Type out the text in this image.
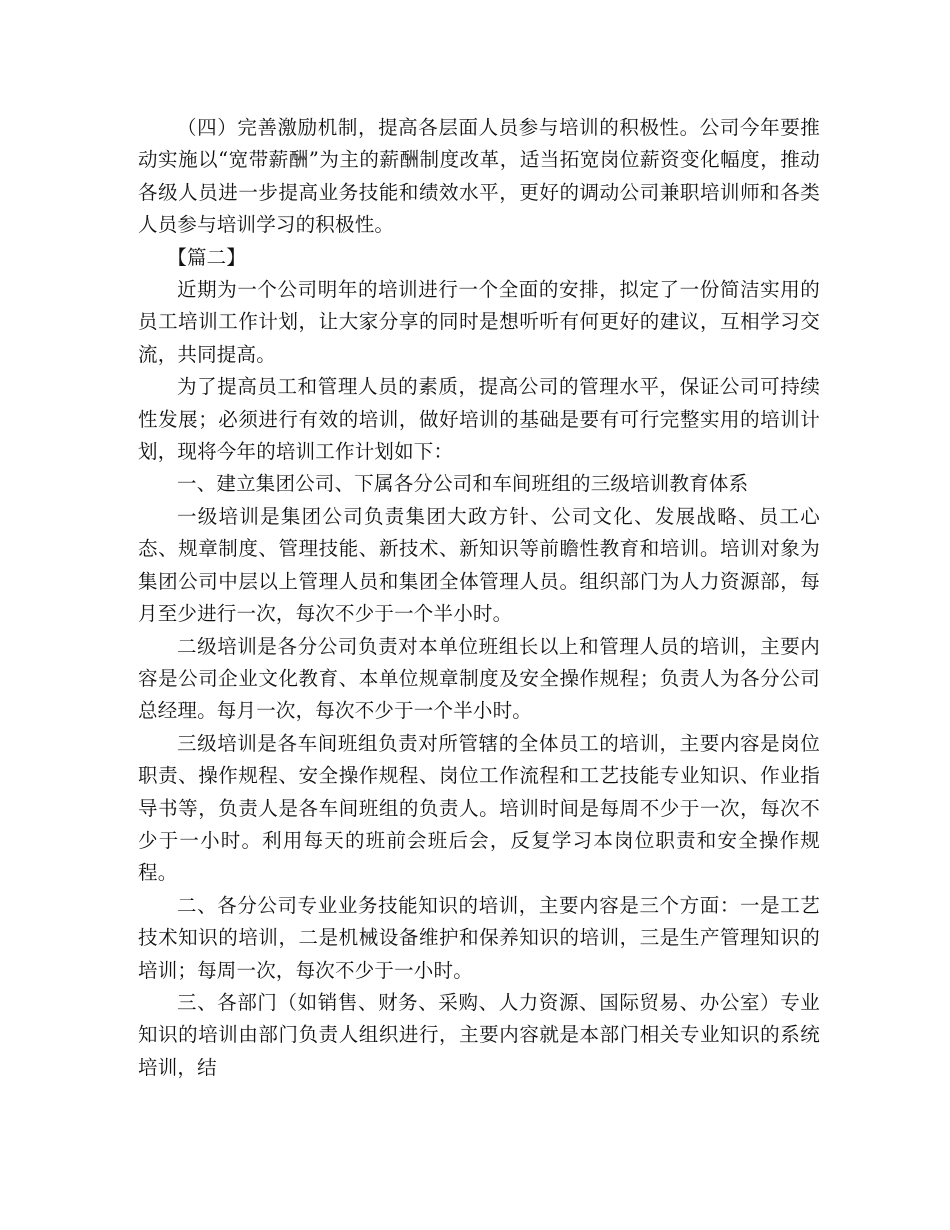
（四）完善激励机制，提高各层面人员参与培训的积极性。公司今年要推动实施以“宽带薪酬”为主的薪酬制度改革，适当拓宽岗位薪资变化幅度，推动各级人员进一步提高业务技能和绩效水平，更好的调动公司兼职培训师和各类人员参与培训学习的积极性。

【篇二】

近期为一个公司明年的培训进行一个全面的安排，拟定了一份简洁实用的员工培训工作计划，让大家分享的同时是想听听有何更好的建议，互相学习交流，共同提高。

为了提高员工和管理人员的素质，提高公司的管理水平，保证公司可持续性发展；必须进行有效的培训，做好培训的基础是要有可行完整实用的培训计划，现将今年的培训工作计划如下：

一、建立集团公司、下属各分公司和车间班组的三级培训教育体系

一级培训是集团公司负责集团大政方针、公司文化、发展战略、员工心态、规章制度、管理技能、新技术、新知识等前瞻性教育和培训。培训对象为集团公司中层以上管理人员和集团全体管理人员。组织部门为人力资源部，每月至少进行一次，每次不少于一个半小时。

二级培训是各分公司负责对本单位班组长以上和管理人员的培训，主要内容是公司企业文化教育、本单位规章制度及安全操作规程；负责人为各分公司总经理。每月一次，每次不少于一个半小时。

三级培训是各车间班组负责对所管辖的全体员工的培训，主要内容是岗位职责、操作规程、安全操作规程、岗位工作流程和工艺技能专业知识、作业指导书等，负责人是各车间班组的负责人。培训时间是每周不少于一次，每次不少于一小时。利用每天的班前会班后会，反复学习本岗位职责和安全操作规程。

二、各分公司专业业务技能知识的培训，主要内容是三个方面：一是工艺技术知识的培训，二是机械设备维护和保养知识的培训，三是生产管理知识的培训；每周一次，每次不少于一小时。

三、各部门（如销售、财务、采购、人力资源、国际贸易、办公室）专业知识的培训由部门负责人组织进行，主要内容就是本部门相关专业知识的系统培训，结
